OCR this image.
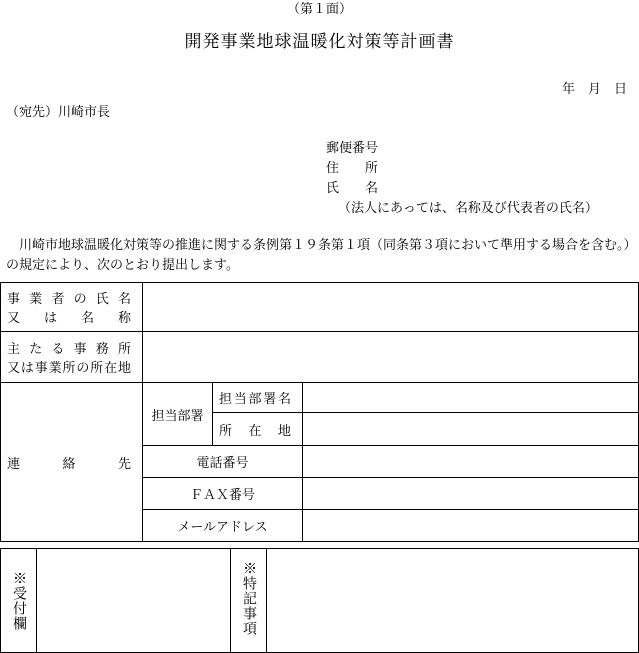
（第１面）
開発事業地球温暖化対策等計画書
年　月　日
（宛先）川崎市長
郵便番号
住　　所
氏　　名
（法人にあっては、名称及び代表者の氏名）
川崎市地球温暖化対策等の推進に関する条例第１９条第１項（同条第３項において準用する場合を含む。）の規定により、次のとおり提出します。
事業者の氏名
又は名称			
主たる事務所
又は事業所の所在地			
連絡先	担当部署	担当部署名	
		所在地	
	電話番号		
	ＦＡＸ番号		
	メールアドレス		
※受付欄		※特記事項
